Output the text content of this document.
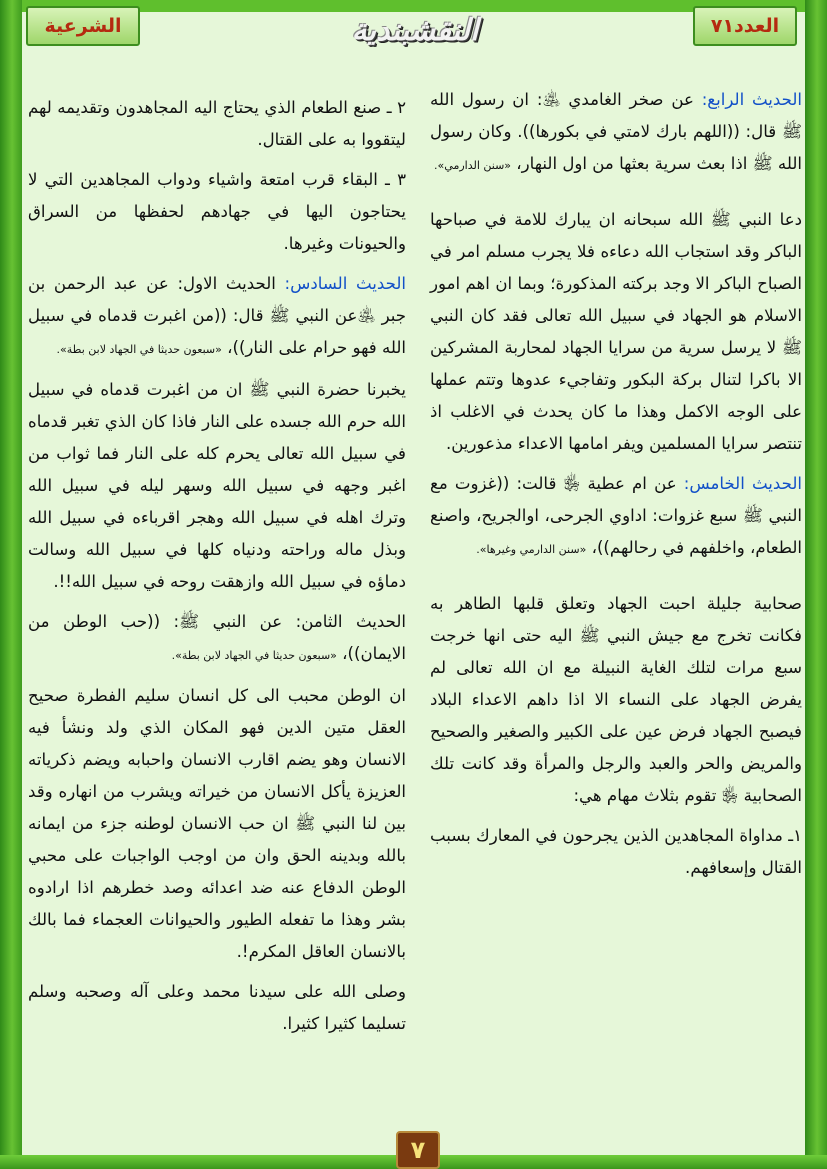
الشرعية	النقشبندية	العدد٧١

الحديث الرابع: عن صخر الغامدي ﵁: ان رسول الله ﷺ قال: ((اللهم بارك لامتي في بكورها)). وكان رسول الله ﷺ اذا بعث سرية بعثها من اول النهار، «سنن الدارمي».

دعا النبي ﷺ الله سبحانه ان يبارك للامة في صباحها الباكر وقد استجاب الله دعاءه فلا يجرب مسلم امر في الصباح الباكر الا وجد بركته المذكورة؛ وبما ان اهم امور الاسلام هو الجهاد في سبيل الله تعالى فقد كان النبي ﷺ لا يرسل سرية من سرايا الجهاد لمحاربة المشركين الا باكرا لتنال بركة البكور وتفاجيء عدوها وتتم عملها على الوجه الاكمل وهذا ما كان يحدث في الاغلب اذ تنتصر سرايا المسلمين ويفر امامها الاعداء مذعورين.

الحديث الخامس: عن ام عطية ﵂ قالت: ((غزوت مع النبي ﷺ سبع غزوات: اداوي الجرحى، اوالجريح، واصنع الطعام، واخلفهم في رحالهم))، «سنن الدارمي وغيرها».

صحابية جليلة احبت الجهاد وتعلق قلبها الطاهر به فكانت تخرج مع جيش النبي ﷺ اليه حتى انها خرجت سبع مرات لتلك الغاية النبيلة مع ان الله تعالى لم يفرض الجهاد على النساء الا اذا داهم الاعداء البلاد فيصبح الجهاد فرض عين على الكبير والصغير والصحيح والمريض والحر والعبد والرجل والمرأة وقد كانت تلك الصحابية ﵂ تقوم بثلاث مهام هي:

١ـ مداواة المجاهدين الذين يجرحون في المعارك بسبب القتال وإسعافهم.

٢ ـ صنع الطعام الذي يحتاج اليه المجاهدون وتقديمه لهم ليتقووا به على القتال.

٣ ـ البقاء قرب امتعة واشياء ودواب المجاهدين التي لا يحتاجون اليها في جهادهم لحفظها من السراق والحيونات وغيرها.

الحديث السادس: الحديث الاول: عن عبد الرحمن بن جبر ﵁عن النبي ﷺ قال: ((من اغبرت قدماه في سبيل الله فهو حرام على النار))، «سبعون حديثا في الجهاد لابن بطة».

يخبرنا حضرة النبي ﷺ ان من اغبرت قدماه في سبيل الله حرم الله جسده على النار فاذا كان الذي تغبر قدماه في سبيل الله تعالى يحرم كله على النار فما ثواب من اغبر وجهه في سبيل الله وسهر ليله في سبيل الله وترك اهله في سبيل الله وهجر اقرباءه في سبيل الله وبذل ماله وراحته ودنياه كلها في سبيل الله وسالت دماؤه في سبيل الله وازهقت روحه في سبيل الله!!.

الحديث الثامن: عن النبي ﷺ: ((حب الوطن من الايمان))، «سبعون حديثا في الجهاد لابن بطة».

ان الوطن محبب الى كل انسان سليم الفطرة صحيح العقل متين الدين فهو المكان الذي ولد ونشأ فيه الانسان وهو يضم اقارب الانسان واحبابه ويضم ذكرياته العزيزة يأكل الانسان من خيراته ويشرب من انهاره وقد بين لنا النبي ﷺ ان حب الانسان لوطنه جزء من ايمانه بالله وبدينه الحق وان من اوجب الواجبات على محبي الوطن الدفاع عنه ضد اعدائه وصد خطرهم اذا ارادوه بشر وهذا ما تفعله الطيور والحيوانات العجماء فما بالك بالانسان العاقل المكرم!.

وصلى الله على سيدنا محمد وعلى آله وصحبه وسلم تسليما كثيرا كثيرا.

٧
